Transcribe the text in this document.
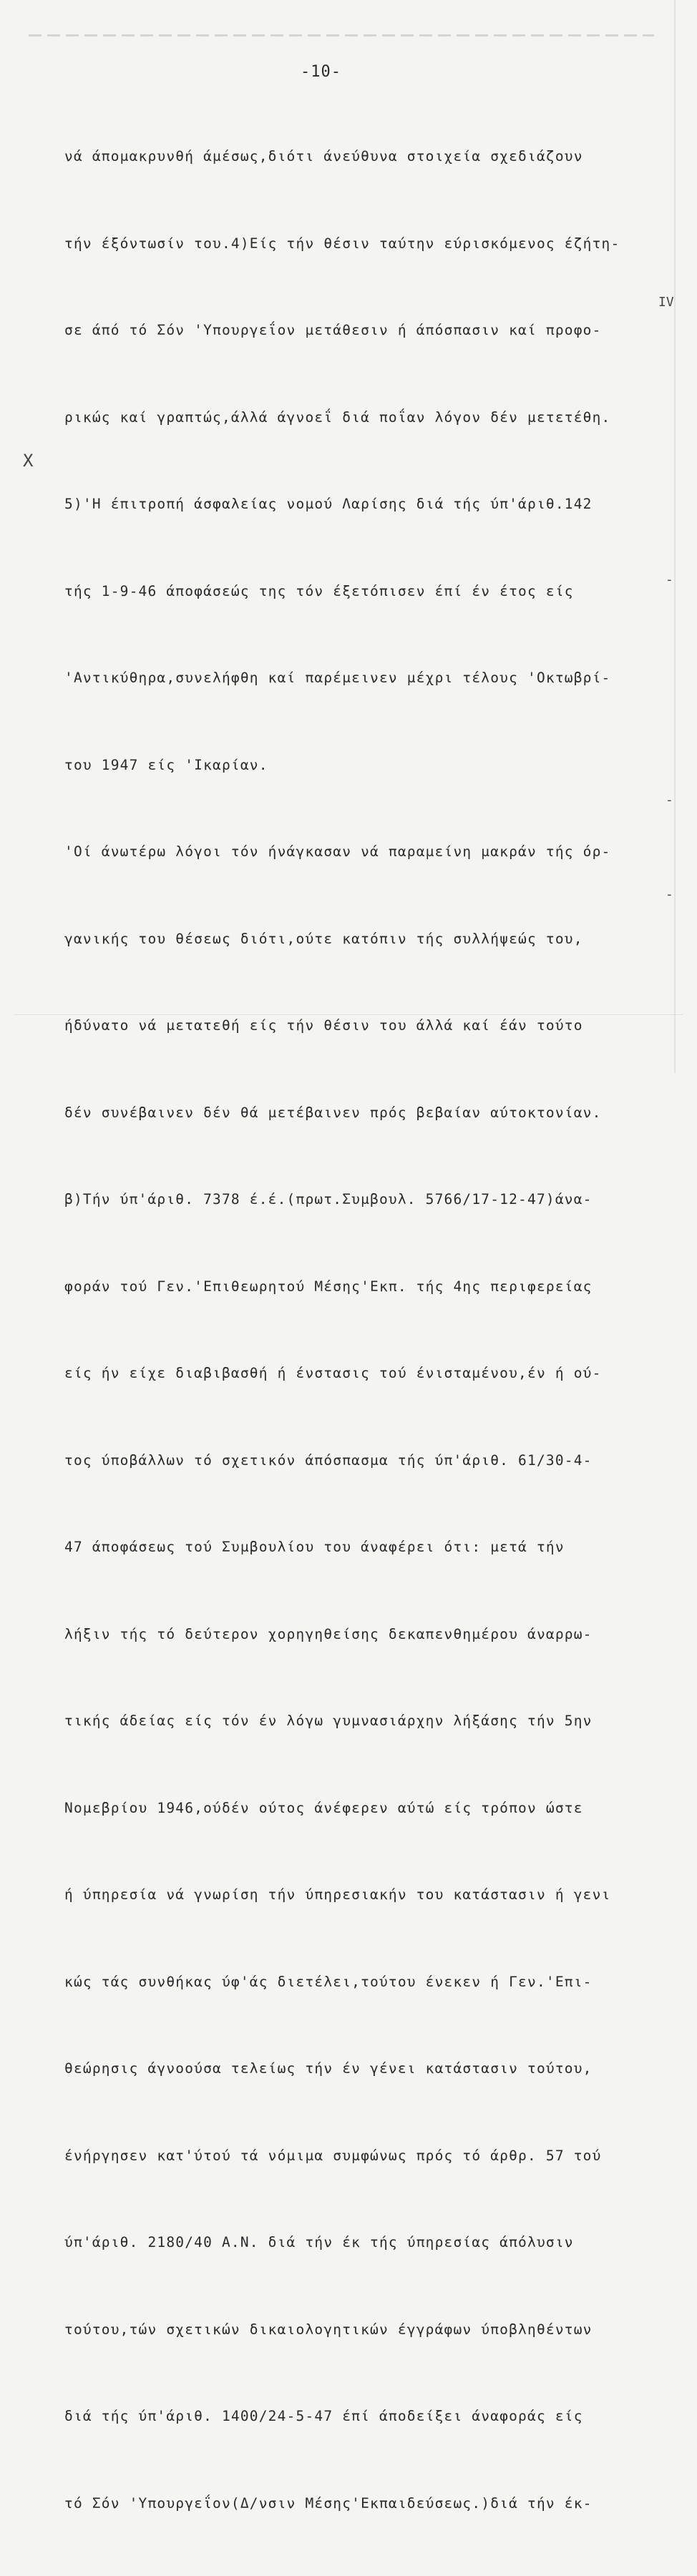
-10-

νά άπομακρυνθή άμέσως,διότι άνεύθυνα στοιχεία σχεδιάζουν

τήν έξόντωσίν του.4)Είς τήν θέσιν ταύτην εύρισκόμενος έζήτη-

σε άπό τό Σόν 'Υπουργεΐον μετάθεσιν ή άπόσπασιν καί προφο-

ρικώς καί γραπτώς,άλλά άγνοεΐ διά ποΐαν λόγον δέν μετετέθη.

5)'Η έπιτροπή άσφαλείας νομού Λαρίσης διά τής ύπ'άριθ.142

τής 1-9-46 άποφάσεώς της τόν έξετόπισεν έπί έν έτος είς

'Αντικύθηρα,συνελήφθη καί παρέμεινεν μέχρι τέλους 'Οκτωβρί-

του 1947 είς 'Ικαρίαν.

'Οί άνωτέρω λόγοι τόν ήνάγκασαν νά παραμείνη μακράν τής όρ-

γανικής του θέσεως διότι,ούτε κατόπιν τής συλλήψεώς του,

ήδύνατο νά μετατεθή είς τήν θέσιν του άλλά καί έάν τούτο

δέν συνέβαινεν δέν θά μετέβαινεν πρός βεβαίαν αύτοκτονίαν.

β)Τήν ύπ'άριθ. 7378 έ.έ.(πρωτ.Συμβουλ. 5766/17-12-47)άνα-

φοράν τού Γεν.'Επιθεωρητού Μέσης'Εκπ. τής 4ης περιφερείας

είς ήν είχε διαβιβασθή ή ένστασις τού ένισταμένου,έν ή ού-

τος ύποβάλλων τό σχετικόν άπόσπασμα τής ύπ'άριθ. 61/30-4-

47 άποφάσεως τού Συμβουλίου του άναφέρει ότι: μετά τήν

λήξιν τής τό δεύτερον χορηγηθείσης δεκαπενθημέρου άναρρω-

τικής άδείας είς τόν έν λόγω γυμνασιάρχην λήξάσης τήν 5ην

Νομεβρίου 1946,ούδέν ούτος άνέφερεν αύτώ είς τρόπον ώστε

ή ύπηρεσία νά γνωρίση τήν ύπηρεσιακήν του κατάστασιν ή γενι

κώς τάς συνθήκας ύφ'άς διετέλει,τούτου ένεκεν ή Γεν.'Επι-

θεώρησις άγνοούσα τελείως τήν έν γένει κατάστασιν τούτου,

ένήργησεν κατ'ύτού τά νόμιμα συμφώνως πρός τό άρθρ. 57 τού

ύπ'άριθ. 2180/40 Α.Ν. διά τήν έκ τής ύπηρεσίας άπόλυσιν

τούτου,τών σχετικών δικαιολογητικών έγγράφων ύποβληθέντων

διά τής ύπ'άριθ. 1400/24-5-47 έπί άποδείξει άναφοράς είς

τό Σόν 'Υπουργεΐον(Δ/νσιν Μέσης'Εκπαιδεύσεως.)διά τήν έκ-

X
IV
-
-
-
